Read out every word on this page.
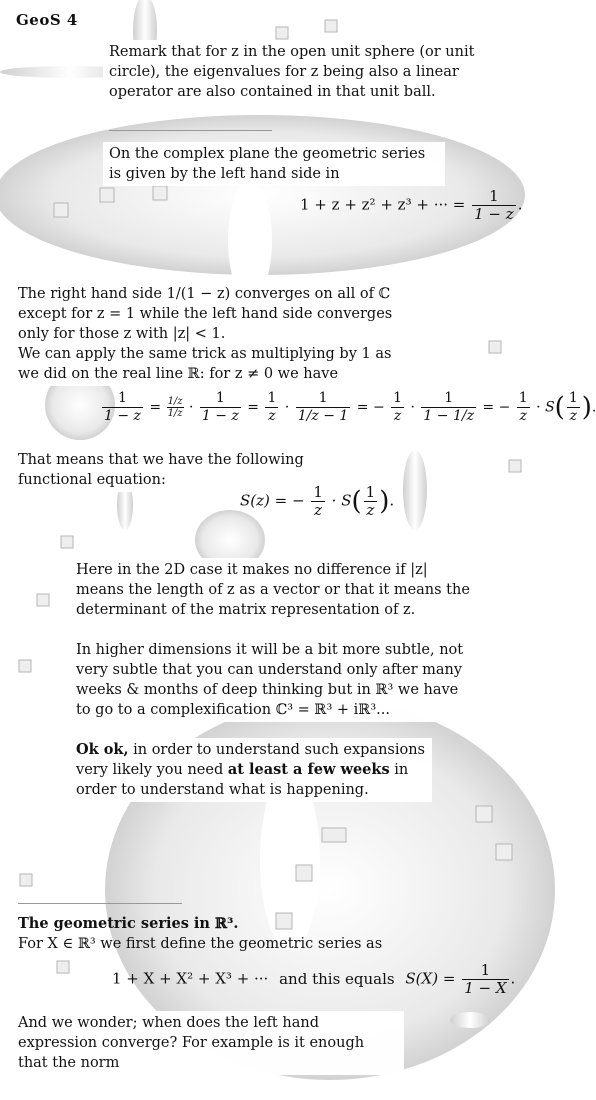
GeoS 4
Remark that for z in the open unit sphere (or unit circle), the eigenvalues for z being also a linear operator are also contained in that unit ball.
On the complex plane the geometric series is given by the left hand side in
1 + z + z² + z³ + ··· = $\frac{1}{1 - z}$ .
The right hand side 1/(1 − z) converges on all of ℂ except for z = 1 while the left hand side converges only for those z with |z| < 1.
We can apply the same trick as multiplying by 1 as we did on the real line ℝ: for z ≠ 0 we have
$\frac{1}{1 - z} = \frac{1/z}{1/z} \cdot \frac{1}{1 - z} = \frac{1}{z} \cdot \frac{1}{1/z - 1}$ = − $\frac{1}{z} \cdot \frac{1}{1 - 1/z}$ = − $\frac{1}{z} \cdot S( \frac{1}{z}$ ).
That means that we have the following functional equation:
S(z) = − $\frac{1}{z} \cdot S( \frac{1}{z}$ ).
Here in the 2D case it makes no difference if |z| means the length of z as a vector or that it means the determinant of the matrix representation of z.
In higher dimensions it will be a bit more subtle, not very subtle that you can understand only after many weeks & months of deep thinking but in ℝ³ we have to go to a complexification ℂ³ = ℝ³ + iℝ³...
Ok ok, in order to understand such expansions very likely you need at least a few weeks in order to understand what is happening.
The geometric series in ℝ³.
For X ∈ ℝ³ we first define the geometric series as
1 + X + X² + X³ + ··· and this equals $S(X) = \frac{1}{1 - X}$ .
And we wonder; when does the left hand expression converge? For example is it enough that the norm
